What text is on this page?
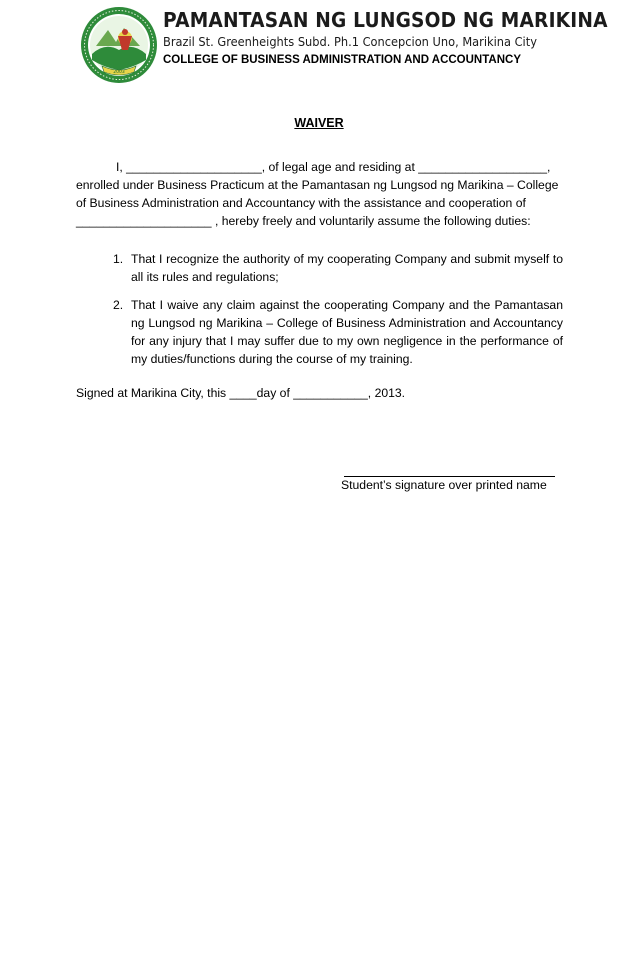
2003
PAMANTASAN NG LUNGSOD NG MARIKINA
Brazil St. Greenheights Subd. Ph.1 Concepcion Uno, Marikina City
COLLEGE OF BUSINESS ADMINISTRATION AND ACCOUNTANCY
WAIVER
I, ____________________, of legal age and residing at ___________________,
enrolled under Business Practicum at the Pamantasan ng Lungsod ng Marikina – College
of Business Administration and Accountancy with the assistance and cooperation of
____________________ , hereby freely and voluntarily assume the following duties:
1. That I recognize the authority of my cooperating Company and submit myself to all its rules and regulations;
2. That I waive any claim against the cooperating Company and the Pamantasan ng Lungsod ng Marikina – College of Business Administration and Accountancy for any injury that I may suffer due to my own negligence in the performance of my duties/functions during the course of my training.
Signed at Marikina City, this ____day of ___________, 2013.
Student’s signature over printed name
